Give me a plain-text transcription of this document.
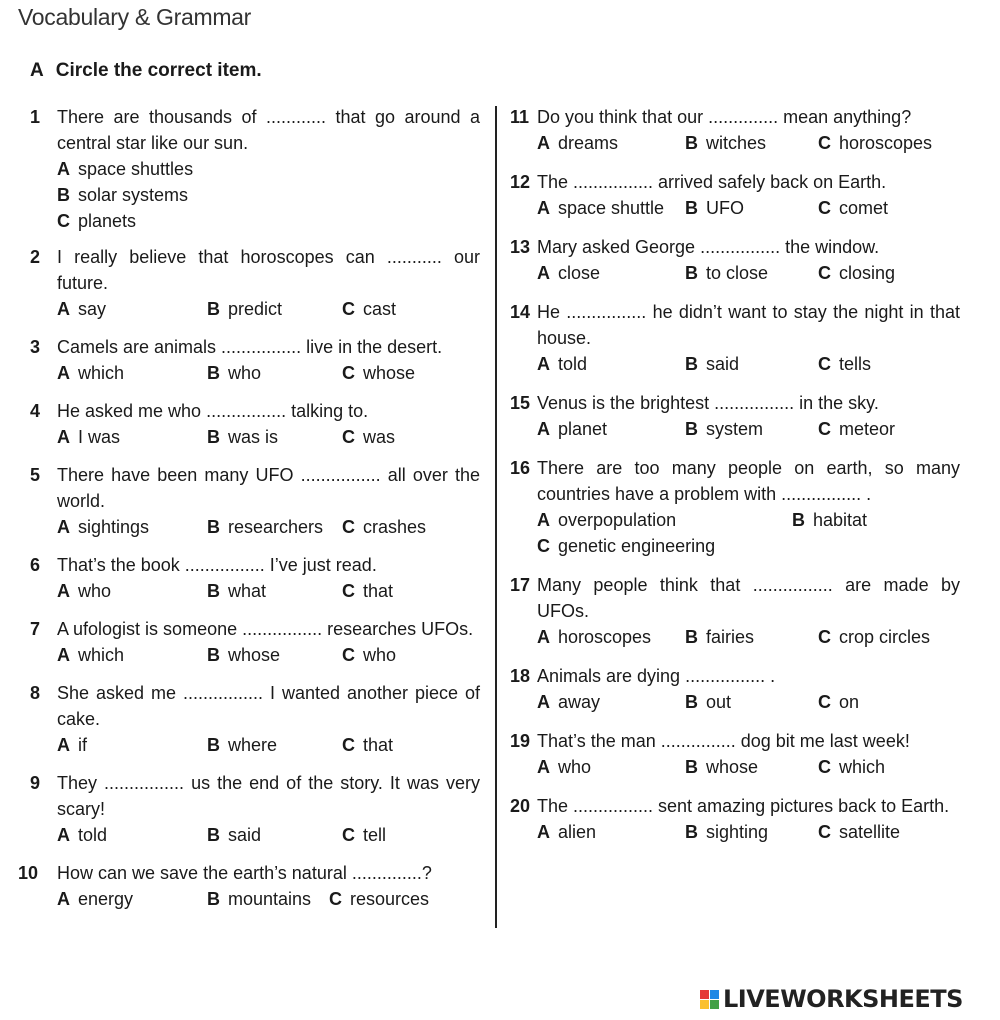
Vocabulary & Grammar
A Circle the correct item.
1 There are thousands of ............ that go around a central star like our sun.
A space shuttles
B solar systems
C planets
2 I really believe that horoscopes can ........... our future.
A say	B predict	C cast
3 Camels are animals ................ live in the desert.
A which	B who	C whose
4 He asked me who ................ talking to.
A I was	B was is	C was
5 There have been many UFO ................ all over the world.
A sightings	B researchers	C crashes
6 That’s the book ................ I’ve just read.
A who	B what	C that
7 A ufologist is someone ................ researches UFOs.
A which	B whose	C who
8 She asked me ................ I wanted another piece of cake.
A if	B where	C that
9 They ................ us the end of the story. It was very scary!
A told	B said	C tell
10 How can we save the earth’s natural ..............?
A energy	B mountains C resources
11 Do you think that our .............. mean anything?
A dreams	B witches	C horoscopes
12 The ................ arrived safely back on Earth.
A space shuttle	B UFO	C comet
13 Mary asked George ................ the window.
A close	B to close	C closing
14 He ................ he didn’t want to stay the night in that house.
A told	B said	C tells
15 Venus is the brightest ................ in the sky.
A planet	B system	C meteor
16 There are too many people on earth, so many countries have a problem with ................ .
A overpopulation	B habitat
C genetic engineering
17 Many people think that ................ are made by UFOs.
A horoscopes	B fairies	C crop circles
18 Animals are dying ................ .
A away	B out	C on
19 That’s the man ............... dog bit me last week!
A who	B whose	C which
20 The ................ sent amazing pictures back to Earth.
A alien	B sighting	C satellite
LIVEWORKSHEETS
